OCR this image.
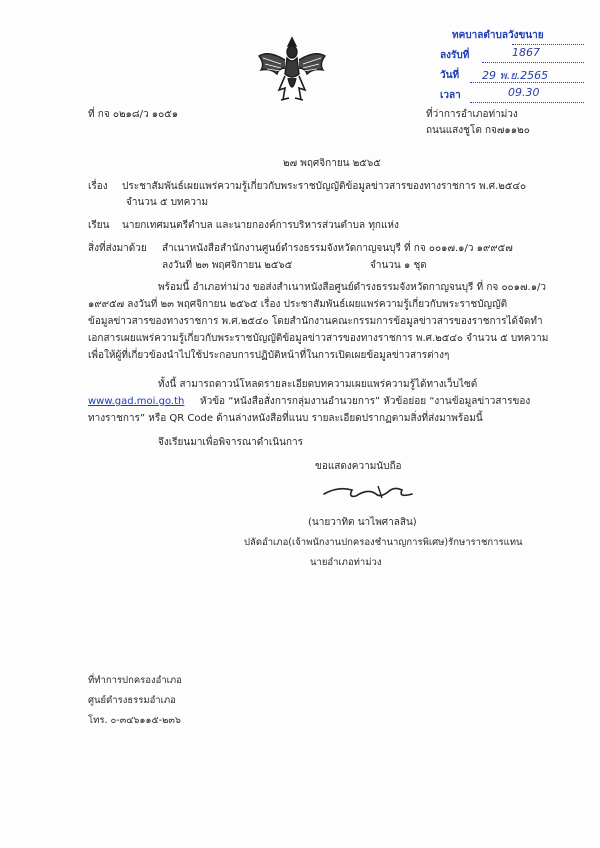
ทคบาลตำบลวังขนาย
ลงรับที่	1867
วันที่ 29 พ.ย.2565
เวลา	09.30
ที่ กจ ๐๒๑๘/ว ๑๐๕๑	ที่ว่าการอำเภอท่าม่วง
ถนนแสงชูโต กจ๗๑๑๒๐
๒๗ พฤศจิกายน ๒๕๖๕
เรื่อง ประชาสัมพันธ์เผยแพร่ความรู้เกี่ยวกับพระราชบัญญัติข้อมูลข่าวสารของทางราชการ พ.ศ.๒๕๔๐
จำนวน ๕ บทความ
เรียน นายกเทศมนตรีตำบล และนายกองค์การบริหารส่วนตำบล ทุกแห่ง
สิ่งที่ส่งมาด้วย สำเนาหนังสือสำนักงานศูนย์ดำรงธรรมจังหวัดกาญจนบุรี ที่ กจ ๐๐๑๗.๑/ว ๑๙๙๕๗
ลงวันที่ ๒๓ พฤศจิกายน ๒๕๖๕	จำนวน ๑ ชุด
พร้อมนี้ อำเภอท่าม่วง ขอส่งสำเนาหนังสือศูนย์ดำรงธรรมจังหวัดกาญจนบุรี ที่ กจ ๐๐๑๗.๑/ว
๑๙๙๕๗ ลงวันที่ ๒๓ พฤศจิกายน ๒๕๖๕ เรื่อง ประชาสัมพันธ์เผยแพร่ความรู้เกี่ยวกับพระราชบัญญัติ
ข้อมูลข่าวสารของทางราชการ พ.ศ.๒๕๔๐ โดยสำนักงานคณะกรรมการข้อมูลข่าวสารของราชการได้จัดทำ
เอกสารเผยแพร่ความรู้เกี่ยวกับพระราชบัญญัติข้อมูลข่าวสารของทางราชการ พ.ศ.๒๕๔๐ จำนวน ๕ บทความ
เพื่อให้ผู้ที่เกี่ยวข้องนำไปใช้ประกอบการปฏิบัติหน้าที่ในการเปิดเผยข้อมูลข่าวสารต่างๆ
ทั้งนี้ สามารถดาวน์โหลดรายละเอียดบทความเผยแพร่ความรู้ได้ทางเว็บไซต์
www.gad.moi.go.th หัวข้อ “หนังสือสั่งการกลุ่มงานอำนวยการ” หัวข้อย่อย “งานข้อมูลข่าวสารของ
ทางราชการ” หรือ QR Code ด้านล่างหนังสือที่แนบ รายละเอียดปรากฏตามสิ่งที่ส่งมาพร้อมนี้
จึงเรียนมาเพื่อพิจารณาดำเนินการ
ขอแสดงความนับถือ
(นายวาทิต นาไพศาลสิน)
ปลัดอำเภอ(เจ้าพนักงานปกครองชำนาญการพิเศษ)รักษาราชการแทน
นายอำเภอท่าม่วง
ที่ทำการปกครองอำเภอ
ศูนย์ดำรงธรรมอำเภอ
โทร. ๐-๓๔๖๑๑๕-๒๓๖
